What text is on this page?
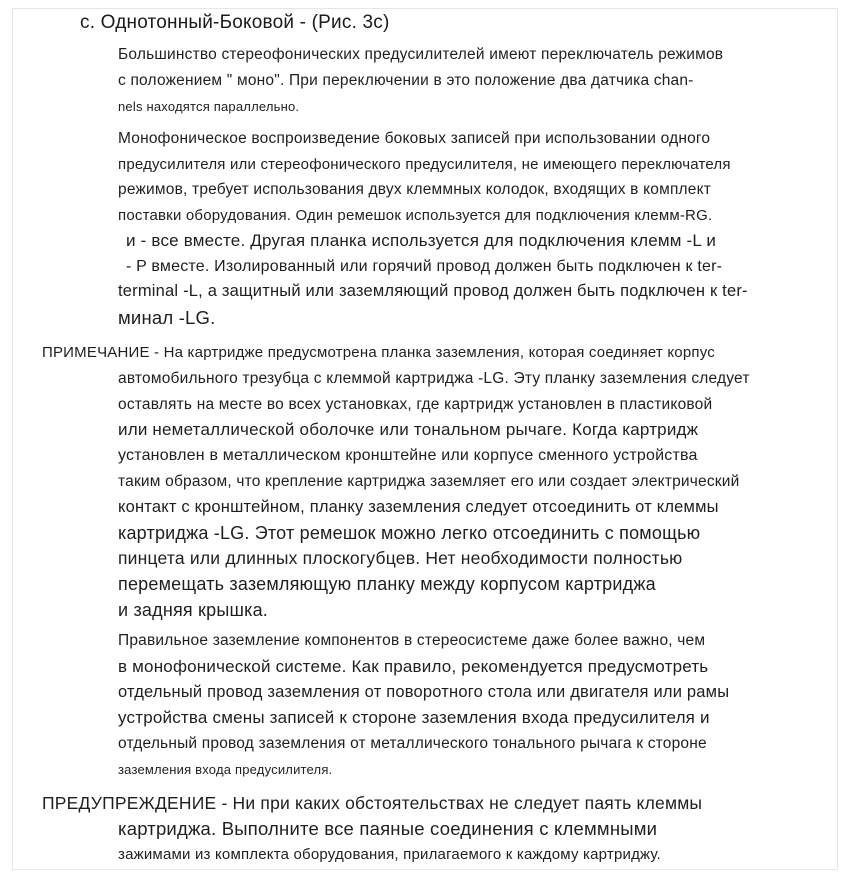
c. Однотонный-Боковой - (Рис. 3c)
Большинство стереофонических предусилителей имеют переключатель режимов
с положением " моно". При переключении в это положение два датчика chan-
nels находятся параллельно.
Монофоническое воспроизведение боковых записей при использовании одного
предусилителя или стереофонического предусилителя, не имеющего переключателя
режимов, требует использования двух клеммных колодок, входящих в комплект
поставки оборудования. Один ремешок используется для подключения клемм-RG.
и - все вместе. Другая планка используется для подключения клемм -L и
- P вместе. Изолированный или горячий провод должен быть подключен к ter-
terminal -L, а защитный или заземляющий провод должен быть подключен к ter-
минал -LG.
ПРИМЕЧАНИЕ - На картридже предусмотрена планка заземления, которая соединяет корпус
автомобильного трезубца с клеммой картриджа -LG. Эту планку заземления следует
оставлять на месте во всех установках, где картридж установлен в пластиковой
или неметаллической оболочке или тональном рычаге. Когда картридж
установлен в металлическом кронштейне или корпусе сменного устройства
таким образом, что крепление картриджа заземляет его или создает электрический
контакт с кронштейном, планку заземления следует отсоединить от клеммы
картриджа -LG. Этот ремешок можно легко отсоединить с помощью
пинцета или длинных плоскогубцев. Нет необходимости полностью
перемещать заземляющую планку между корпусом картриджа
и задняя крышка.
Правильное заземление компонентов в стереосистеме даже более важно, чем
в монофонической системе. Как правило, рекомендуется предусмотреть
отдельный провод заземления от поворотного стола или двигателя или рамы
устройства смены записей к стороне заземления входа предусилителя и
отдельный провод заземления от металлического тонального рычага к стороне
заземления входа предусилителя.
ПРЕДУПРЕЖДЕНИЕ - Ни при каких обстоятельствах не следует паять клеммы
картриджа. Выполните все паяные соединения с клеммными
зажимами из комплекта оборудования, прилагаемого к каждому картриджу.
